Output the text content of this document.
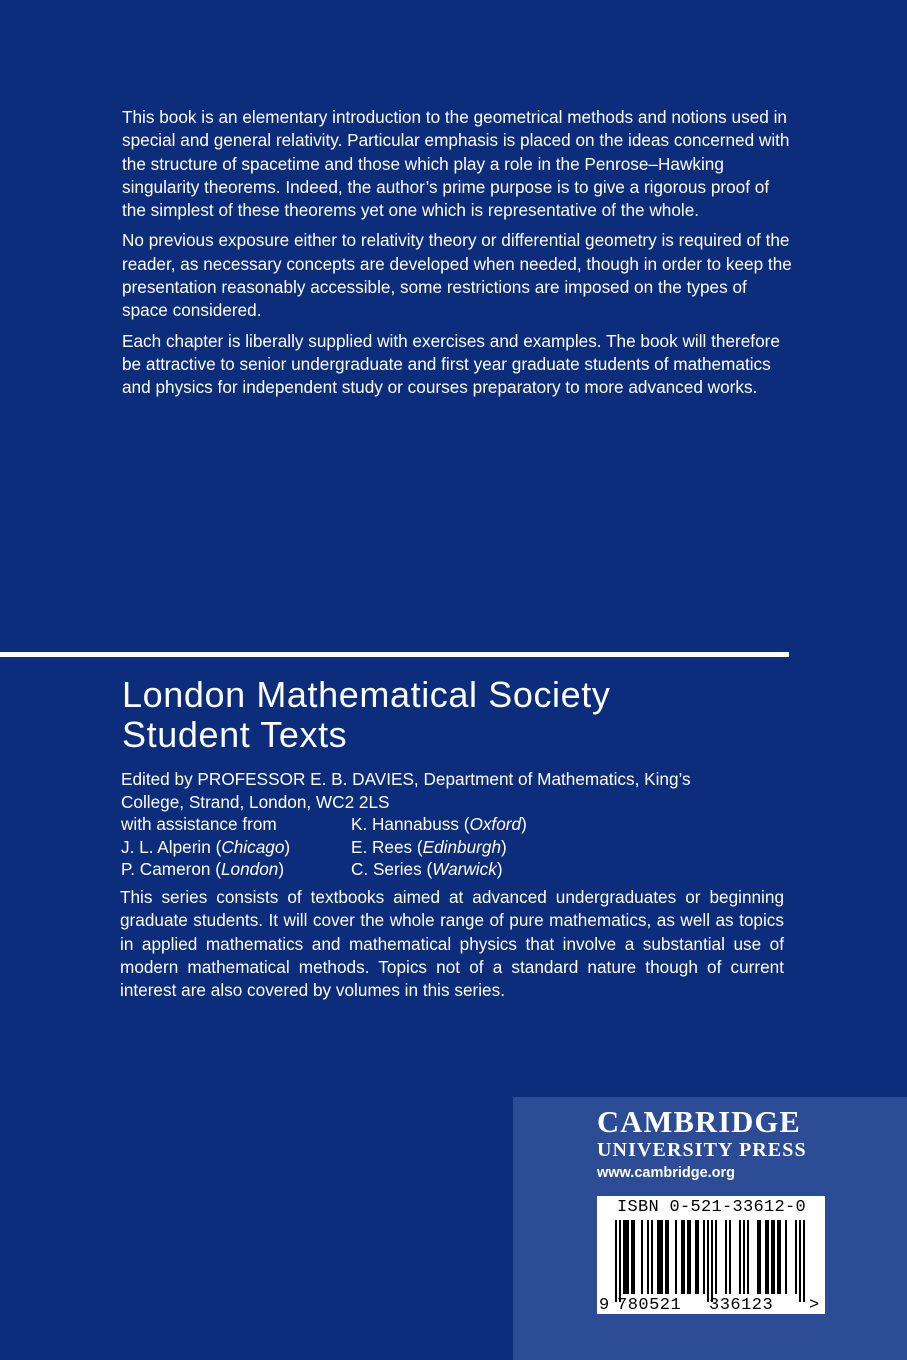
This book is an elementary introduction to the geometrical methods and notions used in special and general relativity. Particular emphasis is placed on the ideas concerned with the structure of spacetime and those which play a role in the Penrose–Hawking singularity theorems. Indeed, the author’s prime purpose is to give a rigorous proof of the simplest of these theorems yet one which is representative of the whole.

No previous exposure either to relativity theory or differential geometry is required of the reader, as necessary concepts are developed when needed, though in order to keep the presentation reasonably accessible, some restrictions are imposed on the types of space considered.

Each chapter is liberally supplied with exercises and examples. The book will therefore be attractive to senior undergraduate and first year graduate students of mathematics and physics for independent study or courses preparatory to more advanced works.

London Mathematical Society
Student Texts
Edited by PROFESSOR E. B. DAVIES, Department of Mathematics, King’s
College, Strand, London, WC2 2LS
with assistance from	K. Hannabuss (Oxford)
J. L. Alperin (Chicago)	E. Rees (Edinburgh)
P. Cameron (London)	C. Series (Warwick)
This series consists of textbooks aimed at advanced undergraduates or beginning graduate students. It will cover the whole range of pure mathematics, as well as topics in applied mathematics and mathematical physics that involve a substantial use of modern mathematical methods. Topics not of a standard nature though of current interest are also covered by volumes in this series.
CAMBRIDGE
UNIVERSITY PRESS
www.cambridge.org
ISBN 0-521-33612-0
9 780521 336123 >
